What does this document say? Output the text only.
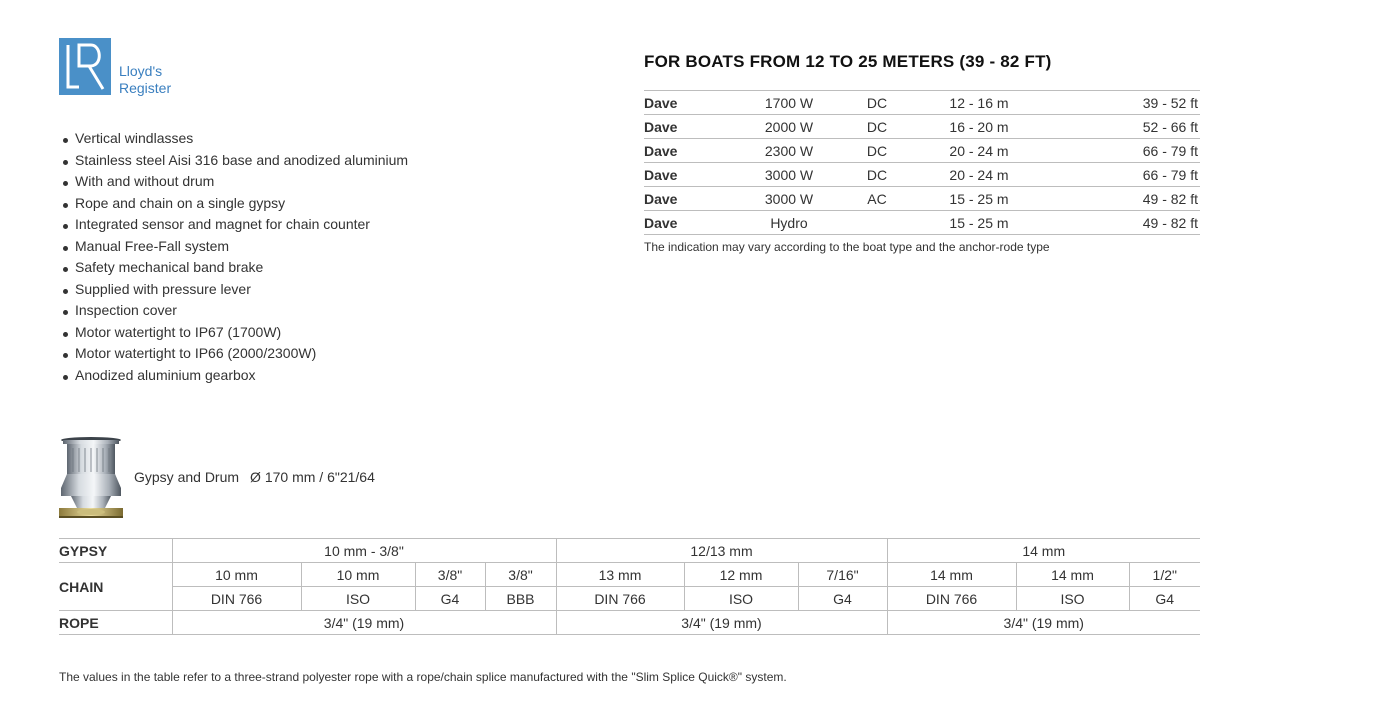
Lloyd's
Register
Vertical windlasses
Stainless steel Aisi 316 base and anodized aluminium
With and without drum
Rope and chain on a single gypsy
Integrated sensor and magnet for chain counter
Manual Free-Fall system
Safety mechanical band brake
Supplied with pressure lever
Inspection cover
Motor watertight to IP67 (1700W)
Motor watertight to IP66 (2000/2300W)
Anodized aluminium gearbox
FOR BOATS FROM 12 TO 25 METERS (39 - 82 FT)
Dave	1700 W	DC	12 - 16 m	39 - 52 ft
Dave	2000 W	DC	16 - 20 m	52 - 66 ft
Dave	2300 W	DC	20 - 24 m	66 - 79 ft
Dave	3000 W	DC	20 - 24 m	66 - 79 ft
Dave	3000 W	AC	15 - 25 m	49 - 82 ft
Dave	Hydro		15 - 25 m	49 - 82 ft

The indication may vary according to the boat type and the anchor-rode type

Gypsy and Drum Ø 170 mm / 6"21/64
GYPSY	10 mm - 3/8"				12/13 mm			14 mm		
CHAIN	10 mm	10 mm	3/8"	3/8"	13 mm	12 mm	7/16"	14 mm	14 mm	1/2"
	DIN 766	ISO	G4	BBB	DIN 766	ISO	G4	DIN 766	ISO	G4
ROPE	3/4" (19 mm)				3/4" (19 mm)			3/4" (19 mm)		

The values in the table refer to a three-strand polyester rope with a rope/chain splice manufactured with the "Slim Splice Quick®" system.
